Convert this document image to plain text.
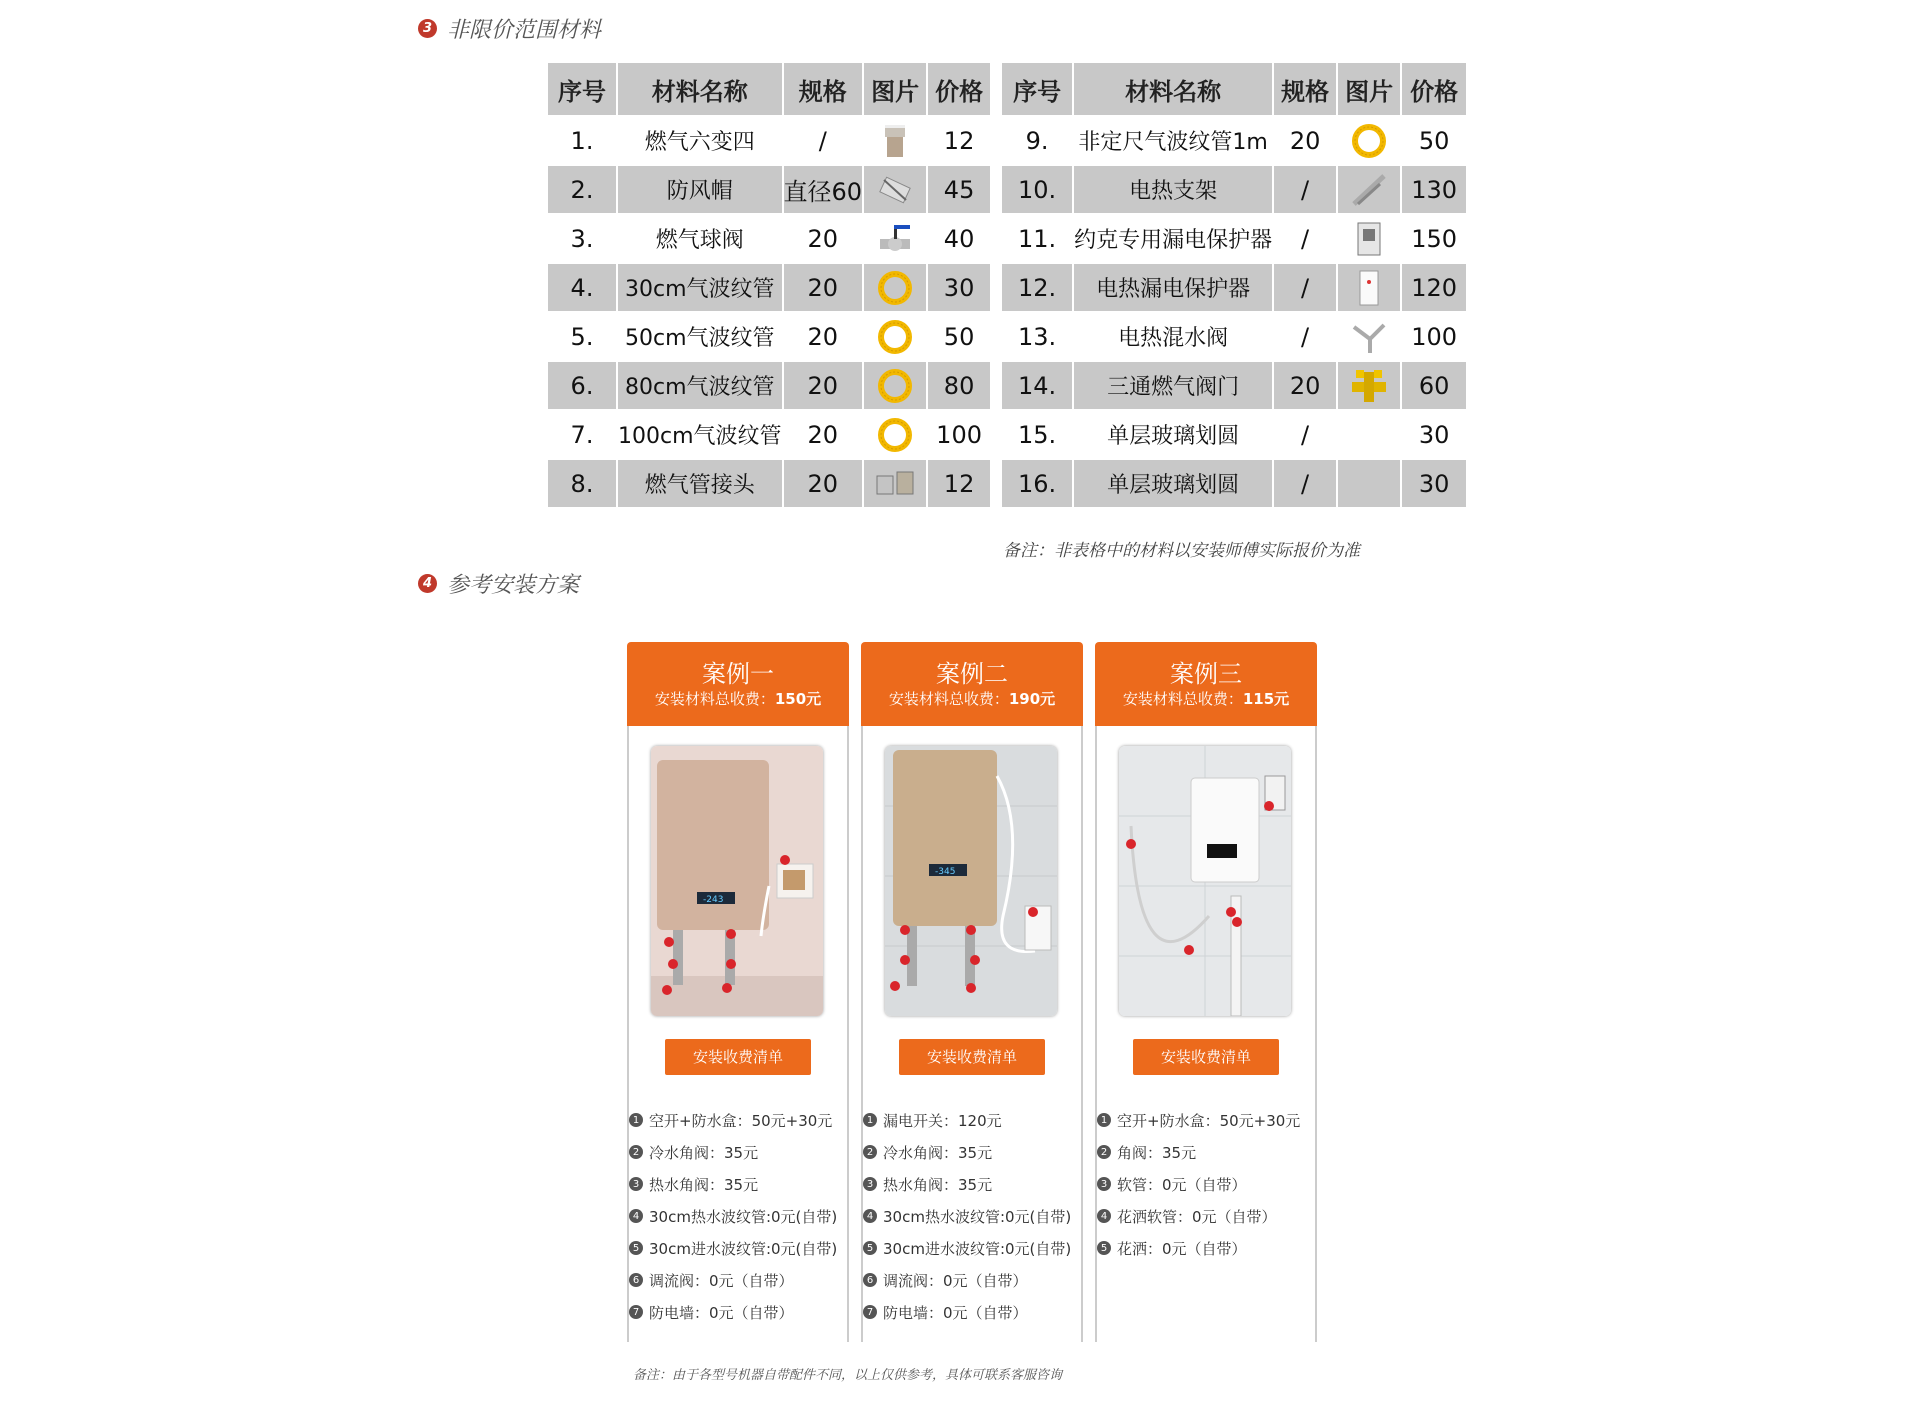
3 非限价范围材料
序号	材料名称	规格	图片	价格
1.	燃气六变四	/		12
2.	防风帽	直径60		45
3.	燃气球阀	20		40
4.	30cm气波纹管	20		30
5.	50cm气波纹管	20		50
6.	80cm气波纹管	20		80
7.	100cm气波纹管	20		100
8.	燃气管接头	20		12
序号	材料名称	规格	图片	价格
9.	非定尺气波纹管1m	20		50
10.	电热支架	/		130
11.	约克专用漏电保护器	/		150
12.	电热漏电保护器	/		120
13.	电热混水阀	/		100
14.	三通燃气阀门	20		60
15.	单层玻璃划圆	/		30
16.	单层玻璃划圆	/		30
备注：非表格中的材料以安装师傅实际报价为准
4 参考安装方案
案例一
安装材料总收费：150元
-243
安装收费清单
1 空开+防水盒：50元+30元
2 冷水角阀：35元
3 热水角阀：35元
4 30cm热水波纹管:0元(自带)
5 30cm进水波纹管:0元(自带)
6 调流阀：0元（自带）
7 防电墙：0元（自带）
案例二
安装材料总收费：190元
-345
安装收费清单
1 漏电开关：120元
2 冷水角阀：35元
3 热水角阀：35元
4 30cm热水波纹管:0元(自带)
5 30cm进水波纹管:0元(自带)
6 调流阀：0元（自带）
7 防电墙：0元（自带）
案例三
安装材料总收费：115元
安装收费清单
1 空开+防水盒：50元+30元
2 角阀：35元
3 软管：0元（自带）
4 花洒软管：0元（自带）
5 花洒：0元（自带）
备注：由于各型号机器自带配件不同，以上仅供参考，具体可联系客服咨询
